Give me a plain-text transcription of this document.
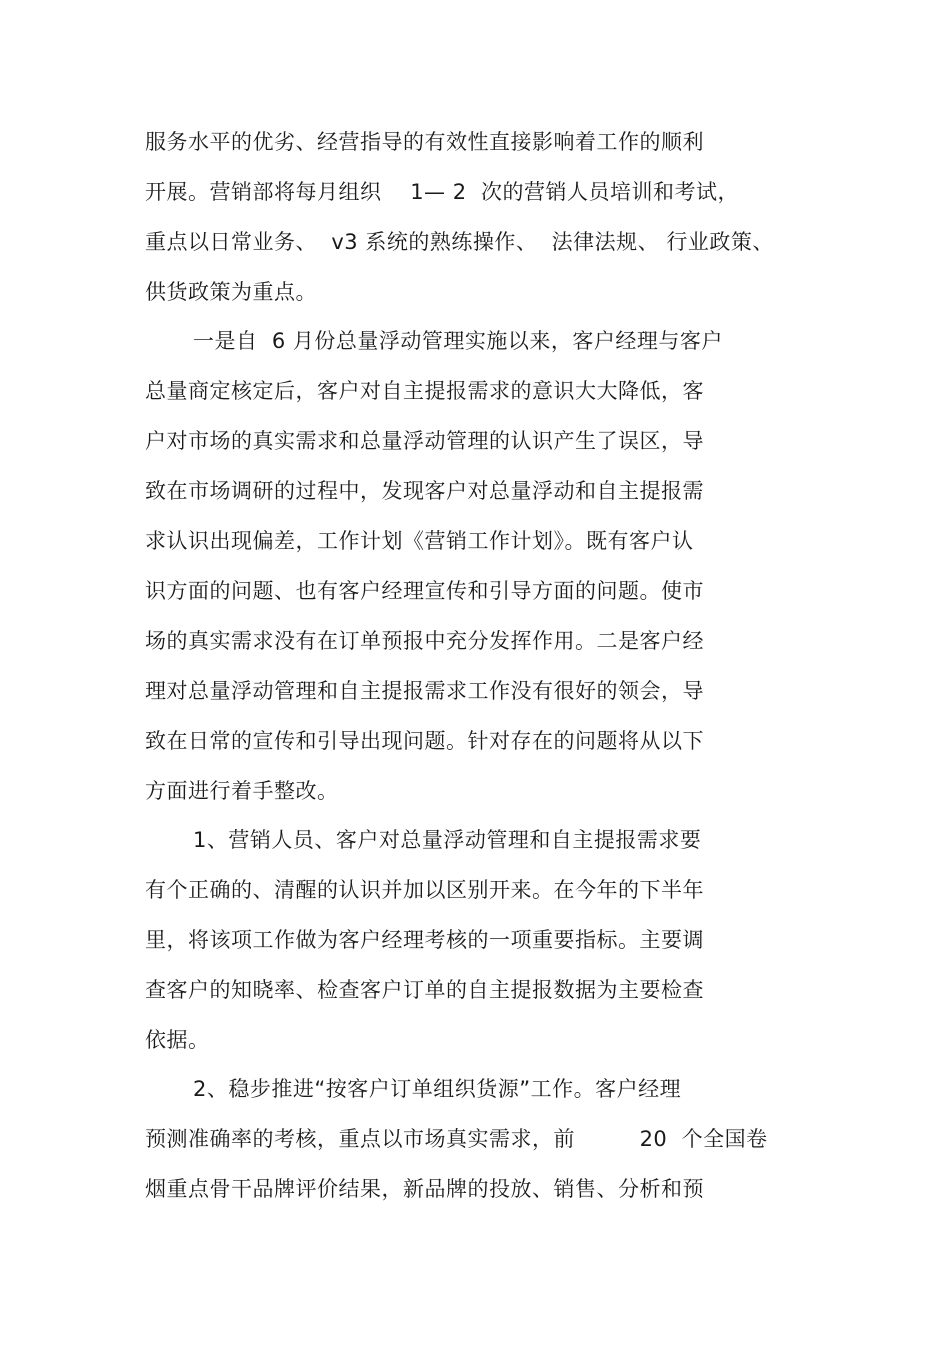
服务水平的优劣、经营指导的有效性直接影响着工作的顺利
开展。营销部将每月组织    1— 2  次的营销人员培训和考试，
重点以日常业务、  v3 系统的熟练操作、  法律法规、 行业政策、
供货政策为重点。
一是自  6 月份总量浮动管理实施以来，客户经理与客户
总量商定核定后，客户对自主提报需求的意识大大降低，客
户对市场的真实需求和总量浮动管理的认识产生了误区，导
致在市场调研的过程中，发现客户对总量浮动和自主提报需
求认识出现偏差，工作计划《营销工作计划》。既有客户认
识方面的问题、也有客户经理宣传和引导方面的问题。使市
场的真实需求没有在订单预报中充分发挥作用。二是客户经
理对总量浮动管理和自主提报需求工作没有很好的领会，导
致在日常的宣传和引导出现问题。针对存在的问题将从以下
方面进行着手整改。
1、营销人员、客户对总量浮动管理和自主提报需求要
有个正确的、清醒的认识并加以区别开来。在今年的下半年
里，将该项工作做为客户经理考核的一项重要指标。主要调
查客户的知晓率、检查客户订单的自主提报数据为主要检查
依据。
2、稳步推进“按客户订单组织货源”工作。客户经理
预测准确率的考核，重点以市场真实需求，前         20  个全国卷
烟重点骨干品牌评价结果，新品牌的投放、销售、分析和预
